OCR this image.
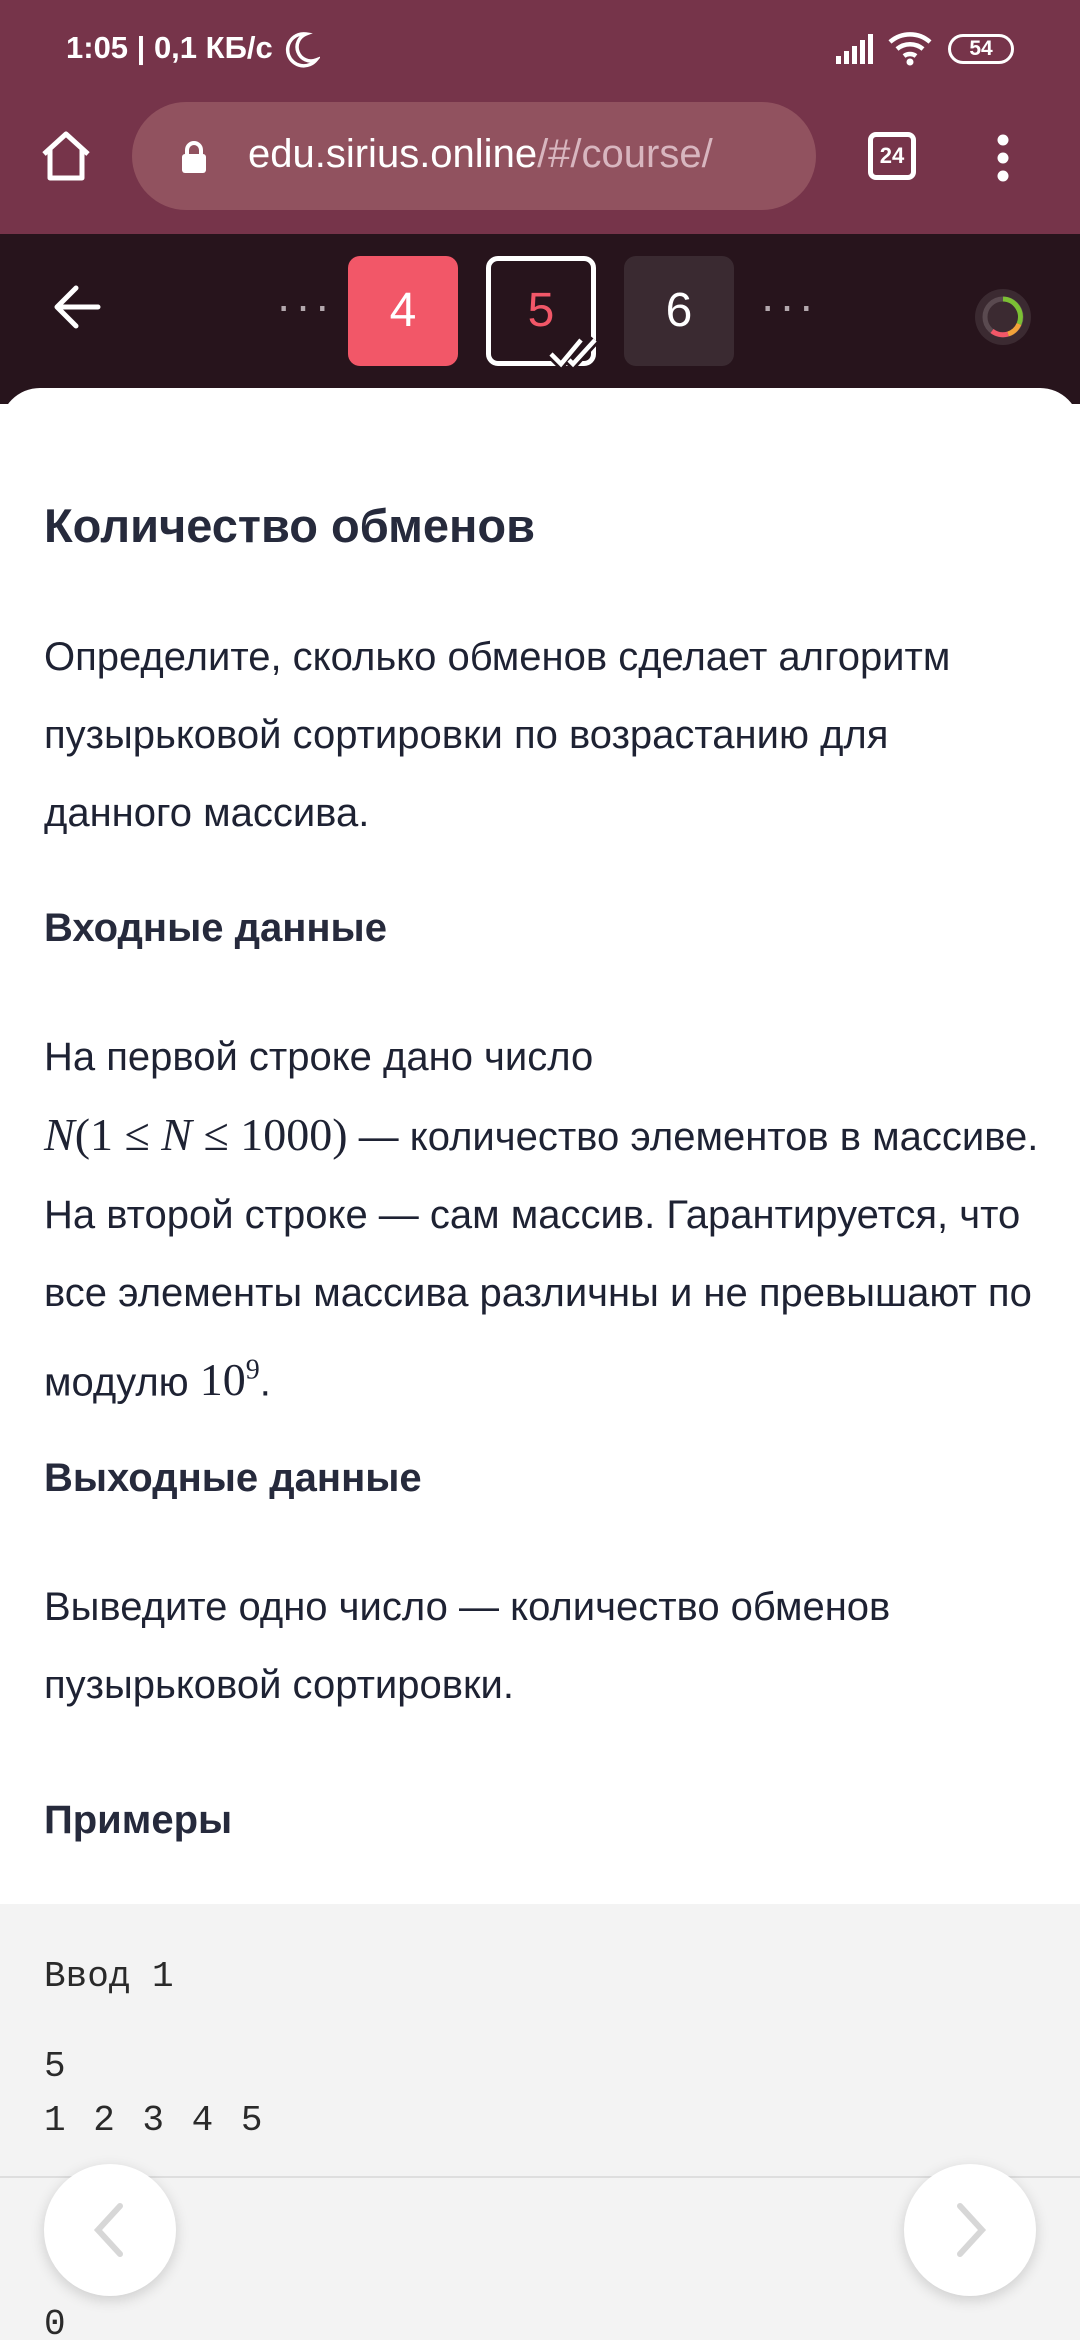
1:05 | 0,1 КБ/с	54
edu.sirius.online/#/course/	24
···	4	5	6	···
Количество обменов

Определите, сколько обменов сделает алгоритм пузырьковой сортировки по возрастанию для данного массива.

Входные данные

На первой строке дано число
N(1 ≤ N ≤ 1000) — количество элементов в массиве. На второй строке — сам массив. Гарантируется, что все элементы массива различны и не превышают по модулю $10^9$.

Выходные данные

Выведите одно число — количество обменов пузырьковой сортировки.

Примеры
Ввод 1
5
1 2 3 4 5
0
